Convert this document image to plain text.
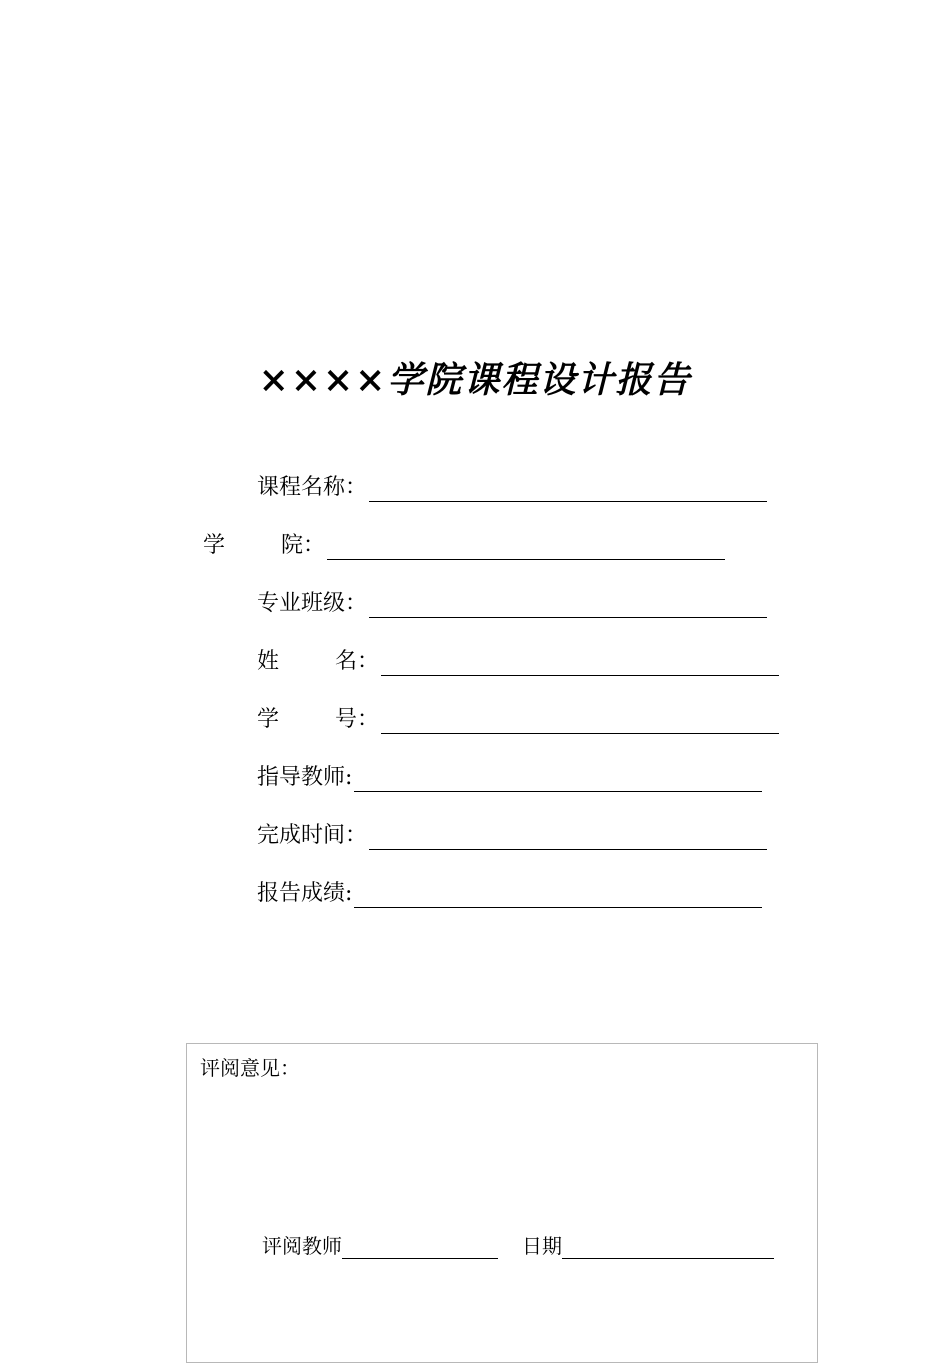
××××学院课程设计报告
课程名称：
学        院：
专业班级：
姓        名：
学        号：
指导教师:
完成时间：
报告成绩:
评阅意见：
评阅教师	日期
